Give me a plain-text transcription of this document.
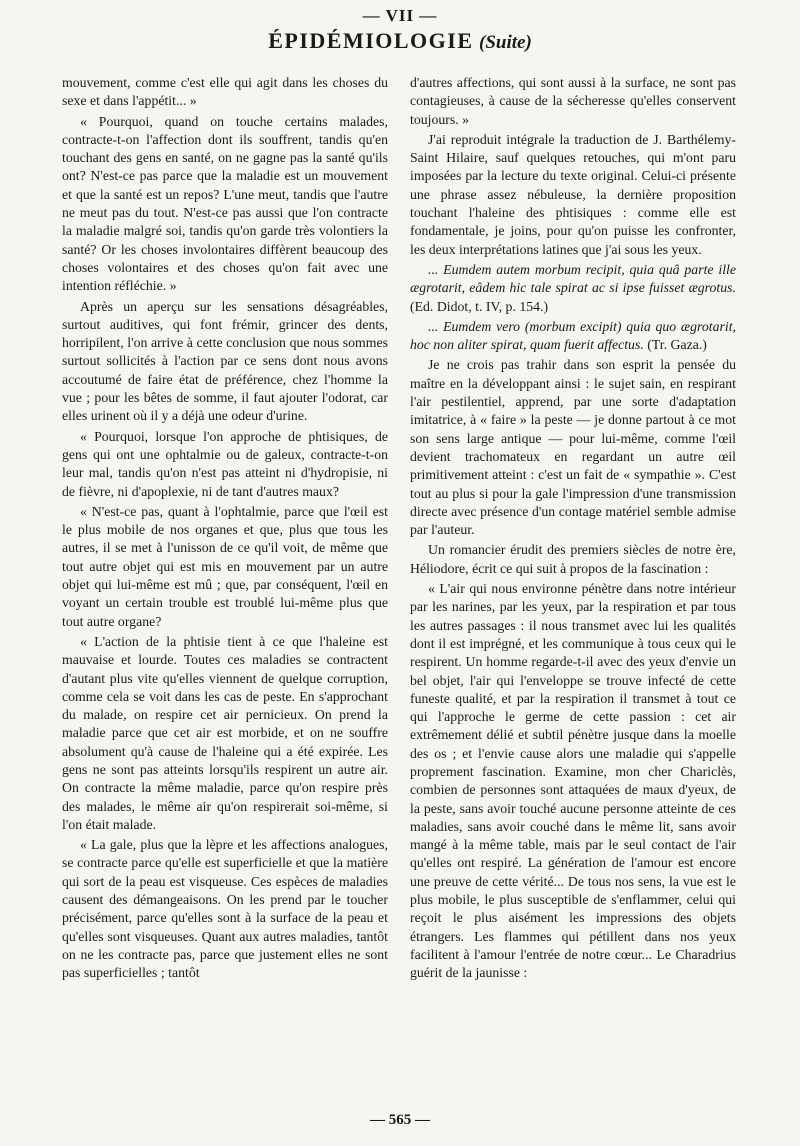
— VII —
ÉPIDÉMIOLOGIE (Suite)

mouvement, comme c'est elle qui agit dans les choses du sexe et dans l'appétit... »

« Pourquoi, quand on touche certains malades, contracte-t-on l'affection dont ils souffrent, tandis qu'en touchant des gens en santé, on ne gagne pas la santé qu'ils ont? N'est-ce pas parce que la maladie est un mouvement et que la santé est un repos? L'une meut, tandis que l'autre ne meut pas du tout. N'est-ce pas aussi que l'on contracte la maladie malgré soi, tandis qu'on garde très volontiers la santé? Or les choses involontaires diffèrent beaucoup des choses volontaires et des choses qu'on fait avec une intention réfléchie. »

Après un aperçu sur les sensations désagréables, surtout auditives, qui font frémir, grincer des dents, horripilent, l'on arrive à cette conclusion que nous sommes surtout sollicités à l'action par ce sens dont nous avons accoutumé de faire état de préférence, chez l'homme la vue ; pour les bêtes de somme, il faut ajouter l'odorat, car elles urinent où il y a déjà une odeur d'urine.

« Pourquoi, lorsque l'on approche de phtisiques, de gens qui ont une ophtalmie ou de galeux, contracte-t-on leur mal, tandis qu'on n'est pas atteint ni d'hydropisie, ni de fièvre, ni d'apoplexie, ni de tant d'autres maux?

« N'est-ce pas, quant à l'ophtalmie, parce que l'œil est le plus mobile de nos organes et que, plus que tous les autres, il se met à l'unisson de ce qu'il voit, de même que tout autre objet qui est mis en mouvement par un autre objet qui lui-même est mû ; que, par conséquent, l'œil en voyant un certain trouble est troublé lui-même plus que tout autre organe?

« L'action de la phtisie tient à ce que l'haleine est mauvaise et lourde. Toutes ces maladies se contractent d'autant plus vite qu'elles viennent de quelque corruption, comme cela se voit dans les cas de peste. En s'approchant du malade, on respire cet air pernicieux. On prend la maladie parce que cet air est morbide, et on ne souffre absolument qu'à cause de l'haleine qui a été expirée. Les gens ne sont pas atteints lorsqu'ils respirent un autre air. On contracte la même maladie, parce qu'on respire près des malades, le même air qu'on respirerait soi-même, si l'on était malade.

« La gale, plus que la lèpre et les affections analogues, se contracte parce qu'elle est superficielle et que la matière qui sort de la peau est visqueuse. Ces espèces de maladies causent des démangeaisons. On les prend par le toucher précisément, parce qu'elles sont à la surface de la peau et qu'elles sont visqueuses. Quant aux autres maladies, tantôt on ne les contracte pas, parce que justement elles ne sont pas superficielles ; tantôt

d'autres affections, qui sont aussi à la surface, ne sont pas contagieuses, à cause de la sécheresse qu'elles conservent toujours. »

J'ai reproduit intégrale la traduction de J. Barthélemy-Saint Hilaire, sauf quelques retouches, qui m'ont paru imposées par la lecture du texte original. Celui-ci présente une phrase assez nébuleuse, la dernière proposition touchant l'haleine des phtisiques : comme elle est fondamentale, je joins, pour qu'on puisse les confronter, les deux interprétations latines que j'ai sous les yeux.

... Eumdem autem morbum recipit, quia quâ parte ille ægrotarit, eâdem hic tale spirat ac si ipse fuisset ægrotus. (Ed. Didot, t. IV, p. 154.)

... Eumdem vero (morbum excipit) quia quo ægrotarit, hoc non aliter spirat, quam fuerit affectus. (Tr. Gaza.)

Je ne crois pas trahir dans son esprit la pensée du maître en la développant ainsi : le sujet sain, en respirant l'air pestilentiel, apprend, par une sorte d'adaptation imitatrice, à « faire » la peste — je donne partout à ce mot son sens large antique — pour lui-même, comme l'œil devient trachomateux en regardant un autre œil primitivement atteint : c'est un fait de « sympathie ». C'est tout au plus si pour la gale l'impression d'une transmission directe avec présence d'un contage matériel semble admise par l'auteur.

Un romancier érudit des premiers siècles de notre ère, Héliodore, écrit ce qui suit à propos de la fascination :

« L'air qui nous environne pénètre dans notre intérieur par les narines, par les yeux, par la respiration et par tous les autres passages : il nous transmet avec lui les qualités dont il est imprégné, et les communique à tous ceux qui le respirent. Un homme regarde-t-il avec des yeux d'envie un bel objet, l'air qui l'enveloppe se trouve infecté de cette funeste qualité, et par la respiration il transmet à tout ce qui l'approche le germe de cette passion : cet air extrêmement délié et subtil pénètre jusque dans la moelle des os ; et l'envie cause alors une maladie qui s'appelle proprement fascination. Examine, mon cher Chariclès, combien de personnes sont attaquées de maux d'yeux, de la peste, sans avoir touché aucune personne atteinte de ces maladies, sans avoir couché dans le même lit, sans avoir mangé à la même table, mais par le seul contact de l'air qu'elles ont respiré. La génération de l'amour est encore une preuve de cette vérité... De tous nos sens, la vue est le plus mobile, le plus susceptible de s'enflammer, celui qui reçoit le plus aisément les impressions des objets étrangers. Les flammes qui pétillent dans nos yeux facilitent à l'amour l'entrée de notre cœur... Le Charadrius guérit de la jaunisse :

— 565 —
